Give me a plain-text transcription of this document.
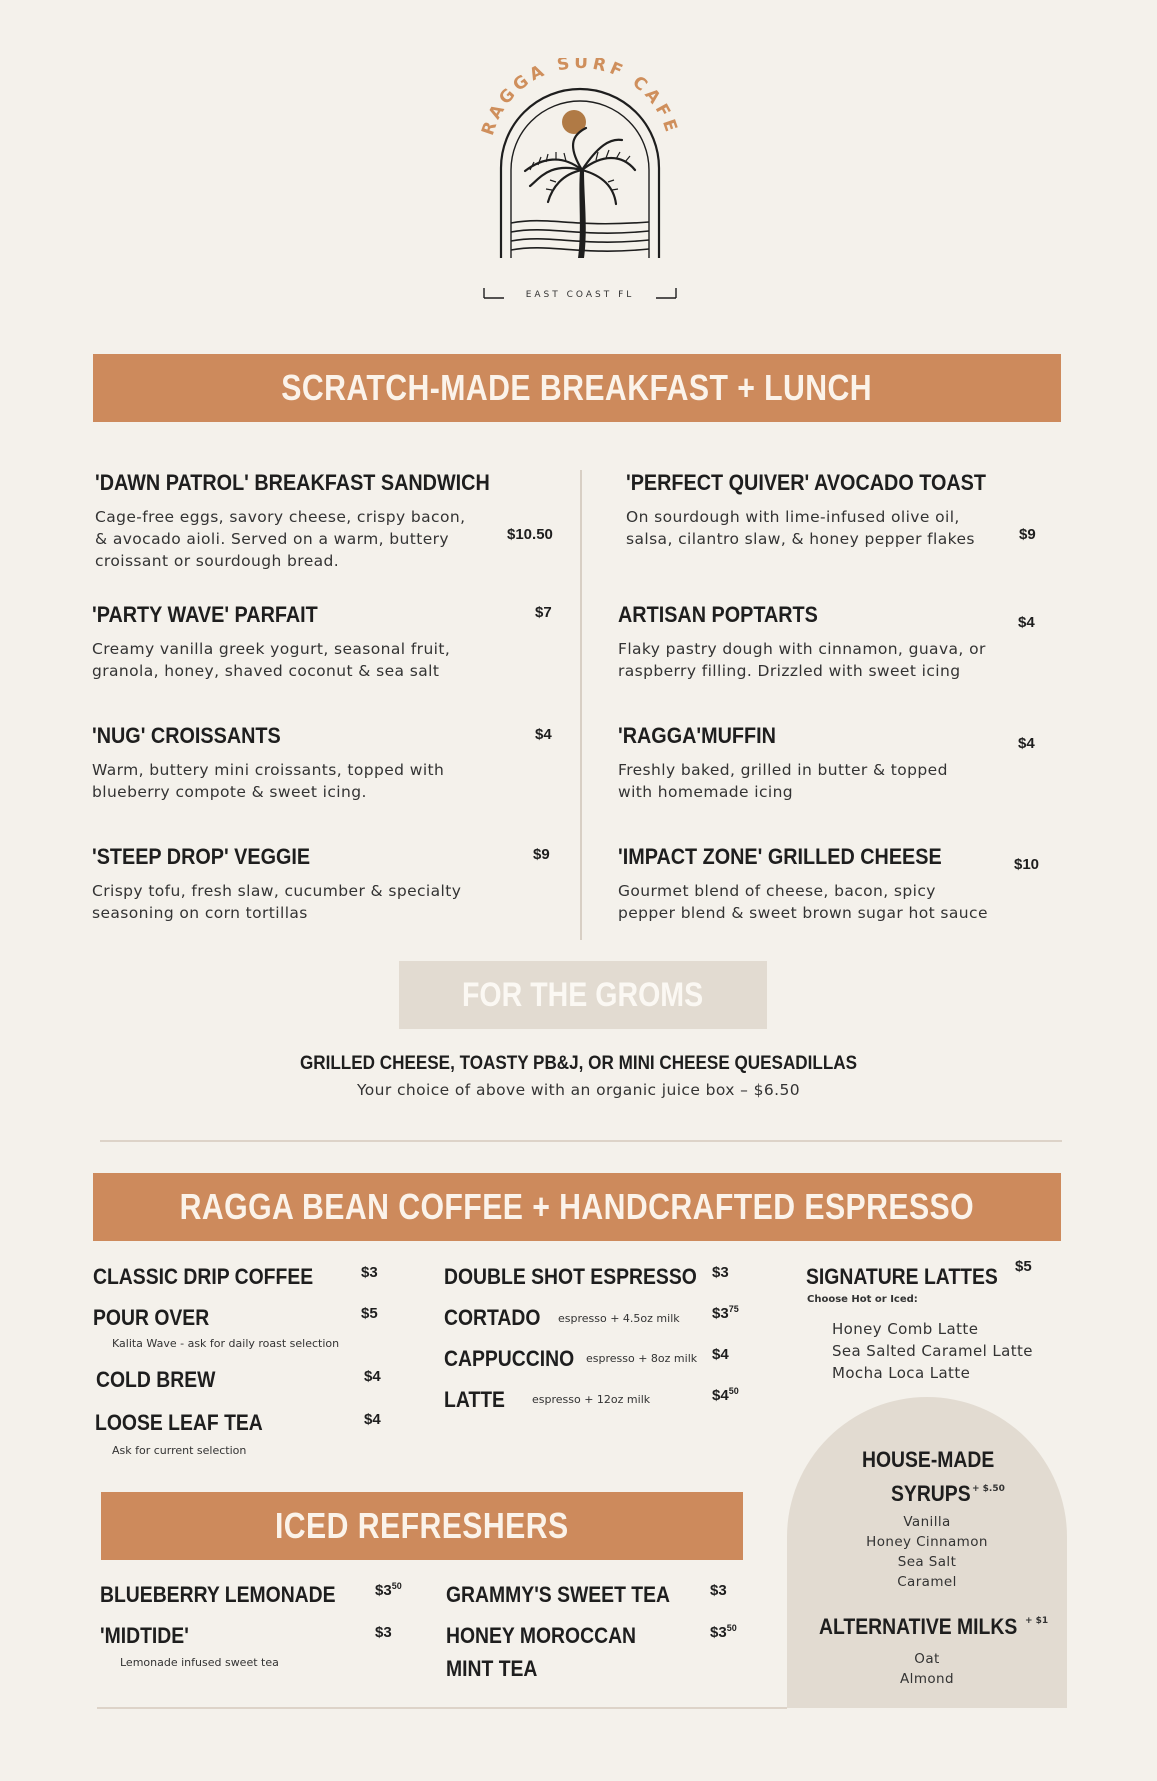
RAGGA SURF CAFE
EAST COAST FL
SCRATCH-MADE BREAKFAST + LUNCH
'DAWN PATROL' BREAKFAST SANDWICH
Cage-free eggs, savory cheese, crispy bacon,
& avocado aioli. Served on a warm, buttery
croissant or sourdough bread.
$10.50
'PARTY WAVE' PARFAIT
Creamy vanilla greek yogurt, seasonal fruit,
granola, honey, shaved coconut & sea salt
$7
'NUG' CROISSANTS
Warm, buttery mini croissants, topped with
blueberry compote & sweet icing.
$4
'STEEP DROP' VEGGIE
Crispy tofu, fresh slaw, cucumber & specialty
seasoning on corn tortillas
$9
'PERFECT QUIVER' AVOCADO TOAST
On sourdough with lime-infused olive oil,
salsa, cilantro slaw, & honey pepper flakes	$9
ARTISAN POPTARTS
Flaky pastry dough with cinnamon, guava, or
raspberry filling. Drizzled with sweet icing
$4
'RAGGA'MUFFIN
Freshly baked, grilled in butter & topped
with homemade icing
$4
'IMPACT ZONE' GRILLED CHEESE
Gourmet blend of cheese, bacon, spicy
pepper blend & sweet brown sugar hot sauce
$10
FOR THE GROMS
GRILLED CHEESE, TOASTY PB&J, OR MINI CHEESE QUESADILLAS
Your choice of above with an organic juice box – $6.50
RAGGA BEAN COFFEE + HANDCRAFTED ESPRESSO
CLASSIC DRIP COFFEE	$3
POUR OVER	$5
Kalita Wave - ask for daily roast selection
COLD BREW	$4
LOOSE LEAF TEA	$4
Ask for current selection
DOUBLE SHOT ESPRESSO $3
CORTADO espresso + 4.5oz milk $\$3^{75}$
CAPPUCCINO espresso + 8oz milk $4
LATTE espresso + 12oz milk	$\$4^{50}$
SIGNATURE LATTES $5
Choose Hot or Iced:
Honey Comb Latte
Sea Salted Caramel Latte
Mocha Loca Latte
HOUSE-MADE
SYRUPS + $.50
Vanilla
Honey Cinnamon
Sea Salt
Caramel
ALTERNATIVE MILKS + $1
Oat
Almond
ICED REFRESHERS
BLUEBERRY LEMONADE	$\$3^{50}$
'MIDTIDE'	$3
Lemonade infused sweet tea
GRAMMY'S SWEET TEA	$3
HONEY MOROCCAN
MINT TEA
$\$3^{50}$
